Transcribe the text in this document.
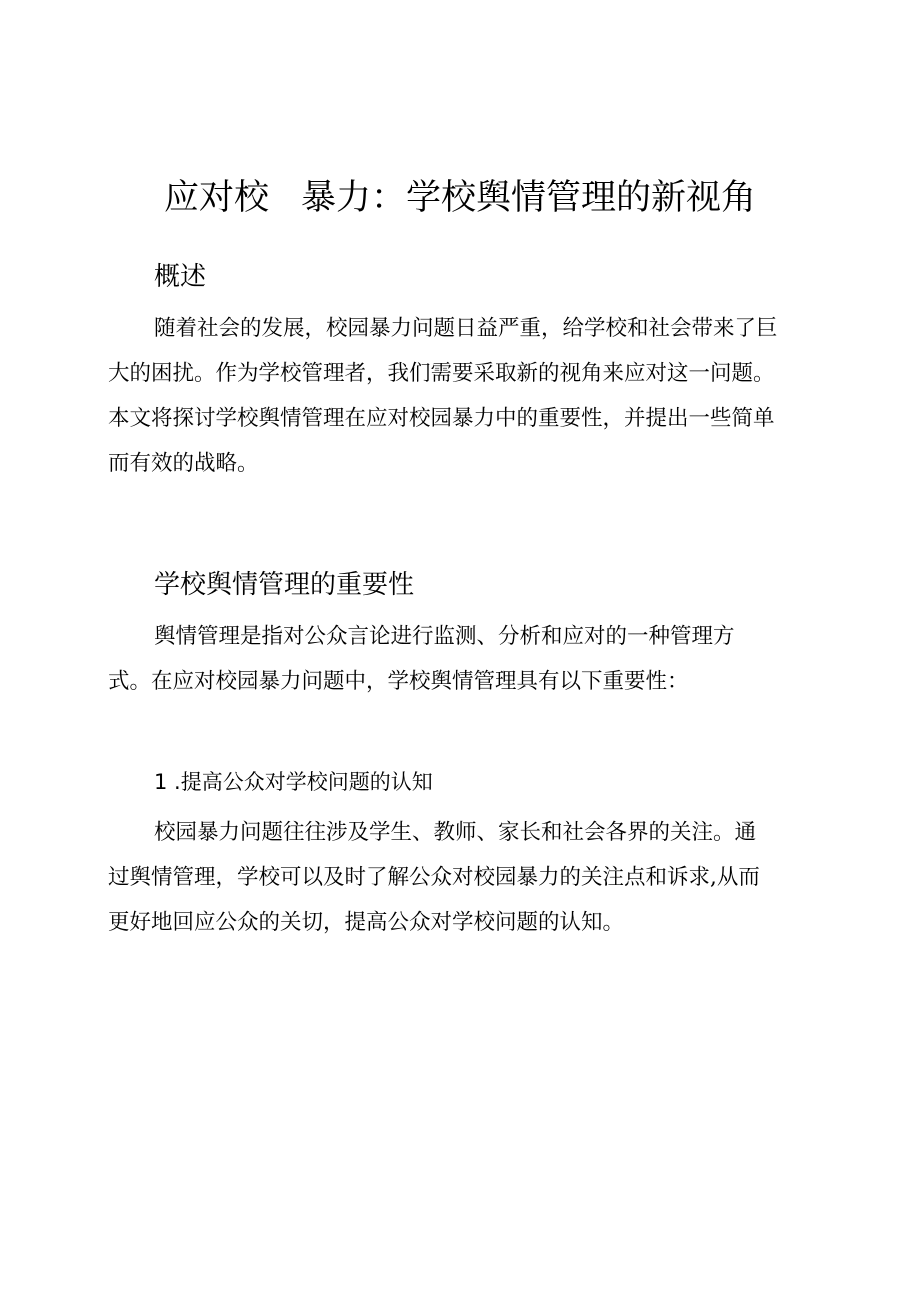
应对校 暴力：学校舆情管理的新视角
概述
随着社会的发展，校园暴力问题日益严重，给学校和社会带来了巨
大的困扰。作为学校管理者，我们需要采取新的视角来应对这一问题。
本文将探讨学校舆情管理在应对校园暴力中的重要性，并提出一些简单
而有效的战略。
学校舆情管理的重要性
舆情管理是指对公众言论进行监测、分析和应对的一种管理方
式。在应对校园暴力问题中，学校舆情管理具有以下重要性：
1 .提高公众对学校问题的认知
校园暴力问题往往涉及学生、教师、家长和社会各界的关注。通
过舆情管理，学校可以及时了解公众对校园暴力的关注点和诉求,从而
更好地回应公众的关切，提高公众对学校问题的认知。
